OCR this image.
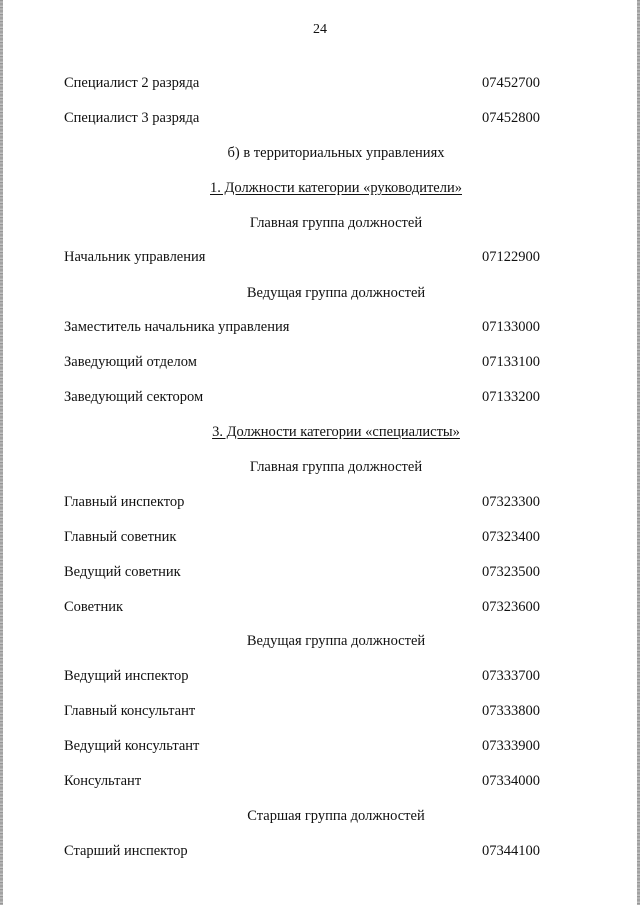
24
Специалист 2 разряда	07452700
Специалист 3 разряда	07452800
б) в территориальных управлениях
1. Должности категории «руководители»
Главная группа должностей
Начальник управления	07122900
Ведущая группа должностей
Заместитель начальника управления	07133000
Заведующий отделом	07133100
Заведующий сектором	07133200
3. Должности категории «специалисты»
Главная группа должностей
Главный инспектор	07323300
Главный советник	07323400
Ведущий советник	07323500
Советник	07323600
Ведущая группа должностей
Ведущий инспектор	07333700
Главный консультант	07333800
Ведущий консультант	07333900
Консультант	07334000
Старшая группа должностей
Старший инспектор	07344100
